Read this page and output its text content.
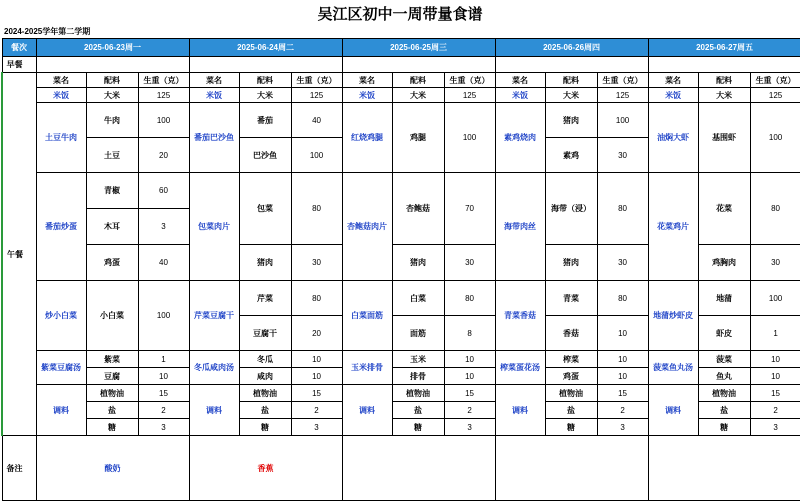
吴江区初中一周带量食谱
2024-2025学年第二学期
餐次	2025-06-23周一			2025-06-24周二			2025-06-25周三			2025-06-26周四			2025-06-27周五		
早餐															
午餐	菜名	配料	生重（克）	菜名	配料	生重（克）	菜名	配料	生重（克）	菜名	配料	生重（克）	菜名	配料	生重（克）
	米饭	大米	125	米饭	大米	125	米饭	大米	125	米饭	大米	125	米饭	大米	125
	土豆牛肉	牛肉	100	番茄巴沙鱼	番茄	40	红烧鸡腿	鸡腿	100	素鸡烧肉	猪肉	100	油焖大虾	基围虾	100
		土豆	20		巴沙鱼	100					素鸡	30			
	番茄炒蛋	青椒	60	包菜肉片	包菜	80	杏鲍菇肉片	杏鲍菇	70	海带肉丝	海带（浸）	80	花菜鸡片	花菜	80
		木耳	3												
		鸡蛋	40		猪肉	30		猪肉	30		猪肉	30		鸡胸肉	30
	炒小白菜	小白菜	100	芹菜豆腐干	芹菜	80	白菜面筋	白菜	80	青菜香菇	青菜	80	地蒲炒虾皮	地蒲	100
					豆腐干	20		面筋	8		香菇	10		虾皮	1
	紫菜豆腐汤	紫菜	1	冬瓜咸肉汤	冬瓜	10	玉米排骨	玉米	10	榨菜蛋花汤	榨菜	10	菠菜鱼丸汤	菠菜	10
		豆腐	10		咸肉	10		排骨	10		鸡蛋	10		鱼丸	10
	调料	植物油	15	调料	植物油	15	调料	植物油	15	调料	植物油	15	调料	植物油	15
		盐	2		盐	2		盐	2		盐	2		盐	2
		糖	3		糖	3		糖	3		糖	3		糖	3
备注	酸奶			香蕉											
